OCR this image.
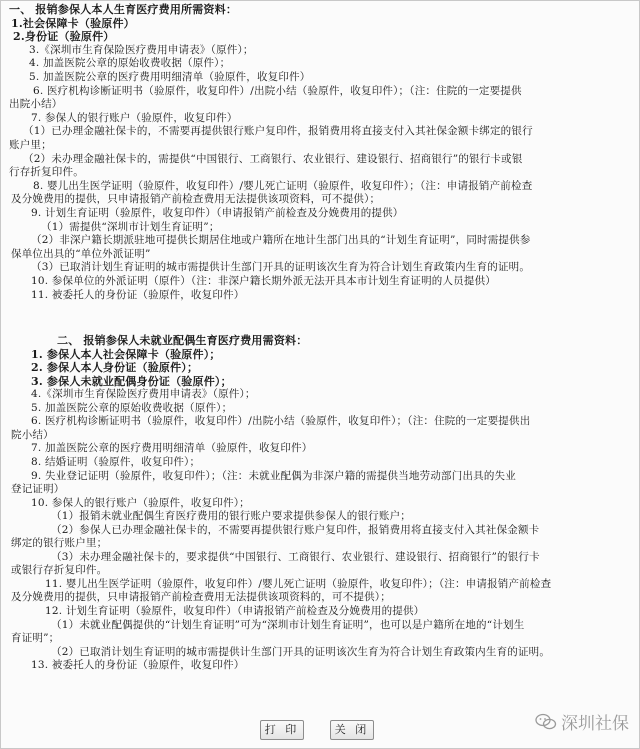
一、 报销参保人本人生育医疗费用所需资料：
1.社会保障卡（验原件）
2.身份证（验原件）
3.《深圳市生育保险医疗费用申请表》（原件）；
4. 加盖医院公章的原始收费收据（原件）；
5. 加盖医院公章的医疗费用明细清单（验原件，收复印件）
6. 医疗机构诊断证明书（验原件，收复印件）/出院小结（验原件，收复印件）；（注：住院的一定要提供
出院小结）
7. 参保人的银行账户（验原件，收复印件）
（1）已办理金融社保卡的，不需要再提供银行账户复印件，报销费用将直接支付入其社保金额卡绑定的银行
账户里；
（2）未办理金融社保卡的，需提供“中国银行、工商银行、农业银行、建设银行、招商银行”的银行卡或银
行存折复印件。
8. 婴儿出生医学证明（验原件，收复印件）/婴儿死亡证明（验原件，收复印件）；（注：申请报销产前检查
及分娩费用的提供，只申请报销产前检查费用无法提供该项资料，可不提供）；
9. 计划生育证明（验原件，收复印件）（申请报销产前检查及分娩费用的提供）
（1）需提供“深圳市计划生育证明”；
（2）非深户籍长期派驻地可提供长期居住地或户籍所在地计生部门出具的“计划生育证明”，同时需提供参
保单位出具的“单位外派证明”
（3）已取消计划生育证明的城市需提供计生部门开具的证明该次生育为符合计划生育政策内生育的证明。
10. 参保单位的外派证明（原件）（注：非深户籍长期外派无法开具本市计划生育证明的人员提供）
11. 被委托人的身份证（验原件，收复印件）
二、 报销参保人未就业配偶生育医疗费用需资料：
1. 参保人本人社会保障卡（验原件）；
2. 参保人本人身份证（验原件）；
3. 参保人未就业配偶身份证（验原件）；
4.《深圳市生育保险医疗费用申请表》（原件）；
5. 加盖医院公章的原始收费收据（原件）；
6. 医疗机构诊断证明书（验原件，收复印件）/出院小结（验原件，收复印件）；（注：住院的一定要提供出
院小结）
7. 加盖医院公章的医疗费用明细清单（验原件，收复印件）
8. 结婚证明（验原件，收复印件）；
9. 失业登记证明（验原件，收复印件）；（注：未就业配偶为非深户籍的需提供当地劳动部门出具的失业
登记证明）
10. 参保人的银行账户（验原件，收复印件）；
（1）报销未就业配偶生育医疗费用的银行账户要求提供参保人的银行账户；
（2）参保人已办理金融社保卡的，不需要再提供银行账户复印件，报销费用将直接支付入其社保金额卡
绑定的银行账户里；
（3）未办理金融社保卡的，要求提供“中国银行、工商银行、农业银行、建设银行、招商银行”的银行卡
或银行存折复印件。
11. 婴儿出生医学证明（验原件，收复印件）/婴儿死亡证明（验原件，收复印件）；（注：申请报销产前检查
及分娩费用的提供，只申请报销产前检查费用无法提供该项资料的，可不提供）；
12. 计划生育证明（验原件，收复印件）（申请报销产前检查及分娩费用的提供）
（1）未就业配偶提供的“计划生育证明”可为“深圳市计划生育证明”，也可以是户籍所在地的“计划生
育证明”；
（2）已取消计划生育证明的城市需提供计生部门开具的证明该次生育为符合计划生育政策内生育的证明。
13. 被委托人的身份证（验原件，收复印件）
打 印	关 闭	深圳社保
